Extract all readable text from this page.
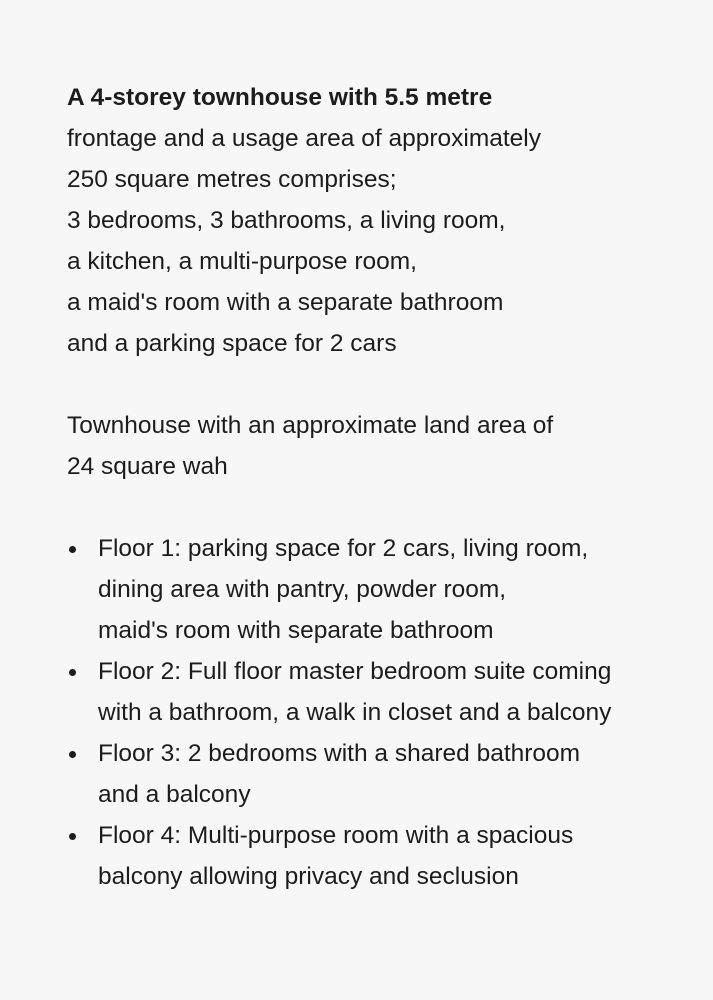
A 4-storey townhouse with 5.5 metre
frontage and a usage area of approximately
250 square metres comprises;
3 bedrooms, 3 bathrooms, a living room,
a kitchen, a multi-purpose room,
a maid's room with a separate bathroom
and a parking space for 2 cars
Townhouse with an approximate land area of
24 square wah
Floor 1: parking space for 2 cars, living room,
dining area with pantry, powder room,
maid's room with separate bathroom
Floor 2: Full floor master bedroom suite coming
with a bathroom, a walk in closet and a balcony
Floor 3: 2 bedrooms with a shared bathroom
and a balcony
Floor 4: Multi-purpose room with a spacious
balcony allowing privacy and seclusion
